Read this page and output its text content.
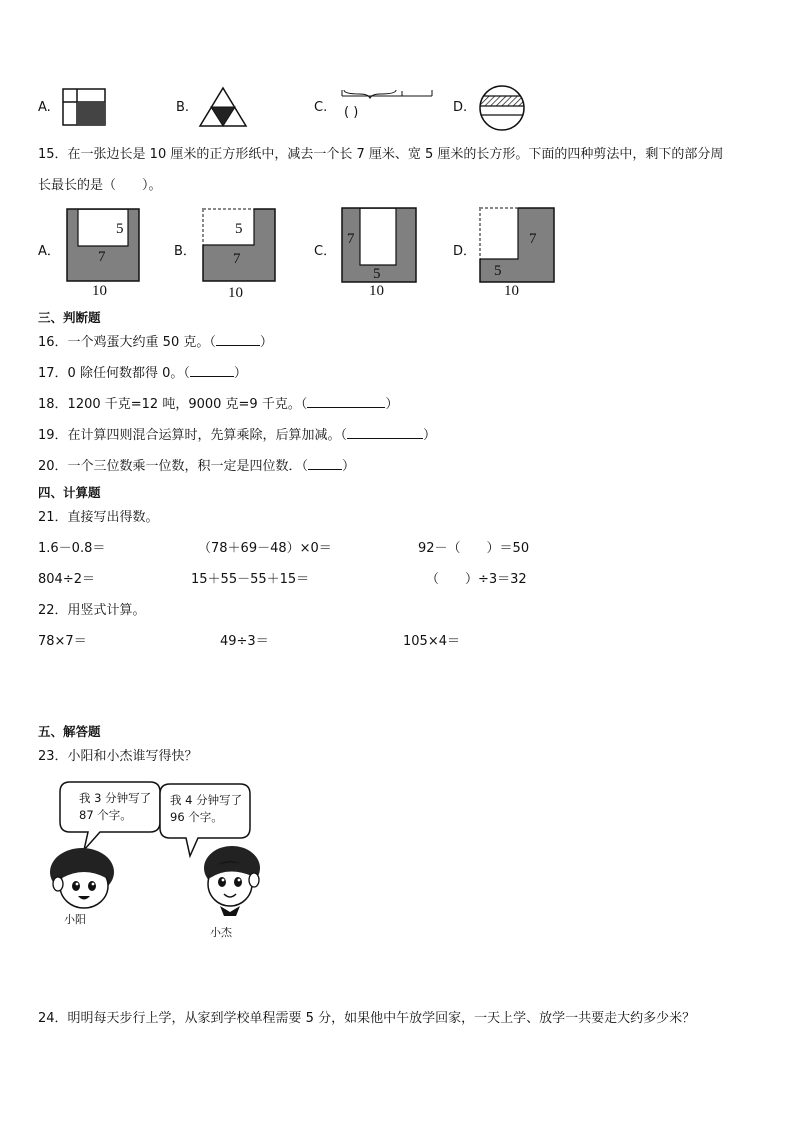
A.	B.	C. ( )	D.
15．在一张边长是 10 厘米的正方形纸中，减去一个长 7 厘米、宽 5 厘米的长方形。下面的四种剪法中，剩下的部分周
长最长的是（　　）。
A．
5
7
10
B．
5
7
10
C．
7
5
10
D．
7
5
10
三、判断题
16．一个鸡蛋大约重 50 克。（	）
17．0 除任何数都得 0。（	）
18．1200 千克=12 吨，9000 克=9 千克。（	）
19．在计算四则混合运算时，先算乘除，后算加减。（	）
20．一个三位数乘一位数，积一定是四位数．（	）
四、计算题
21．直接写出得数。
1.6－0.8＝	（78＋69－48）×0＝	92－（　　）＝50
804÷2＝	15＋55－55＋15＝	（　　）÷3＝32
22．用竖式计算。
78×7＝	49÷3＝	105×4＝
五、解答题
23．小阳和小杰谁写得快？
我 3 分钟写了
87 个字。
我 4 分钟写了
96 个字。
小阳
小杰
24．明明每天步行上学，从家到学校单程需要 5 分，如果他中午放学回家，一天上学、放学一共要走大约多少米？
